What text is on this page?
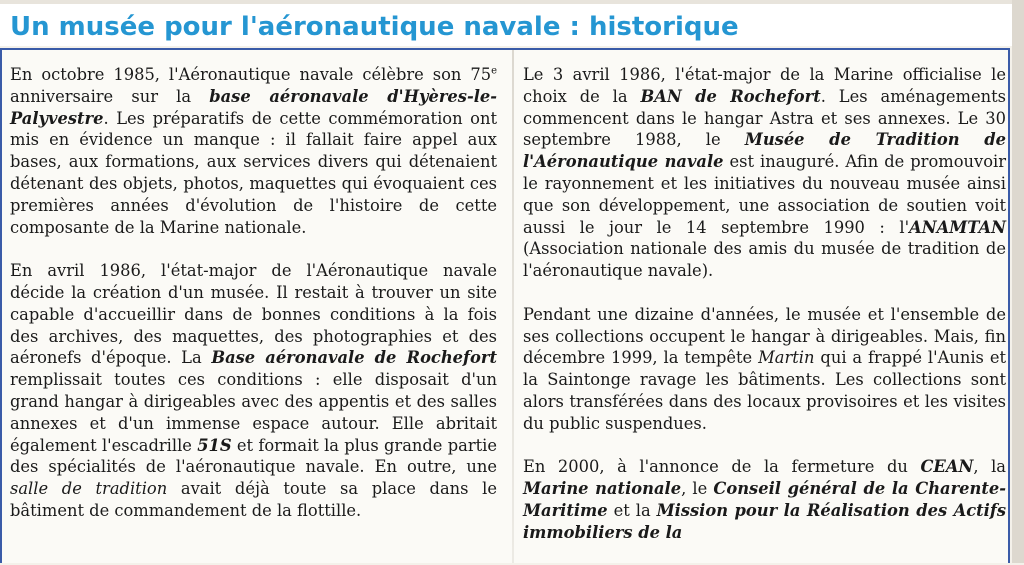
Un musée pour l'aéronautique navale : historique

En octobre 1985, l'Aéronautique navale célèbre son 75e anniversaire sur la base aéronavale d'Hyères-le-Palyvestre. Les préparatifs de cette commémoration ont mis en évidence un manque : il fallait faire appel aux bases, aux formations, aux services divers qui détenaient détenant des objets, photos, maquettes qui évoquaient ces premières années d'évolution de l'histoire de cette composante de la Marine nationale.

En avril 1986, l'état-major de l'Aéronautique navale décide la création d'un musée. Il restait à trouver un site capable d'accueillir dans de bonnes conditions à la fois des archives, des maquettes, des photographies et des aéronefs d'époque. La Base aéronavale de Rochefort remplissait toutes ces conditions : elle disposait d'un grand hangar à dirigeables avec des appentis et des salles annexes et d'un immense espace autour. Elle abritait également l'escadrille 51S et formait la plus grande partie des spécialités de l'aéronautique navale. En outre, une salle de tradition avait déjà toute sa place dans le bâtiment de commandement de la flottille.

Le 3 avril 1986, l'état-major de la Marine officialise le choix de la BAN de Rochefort. Les aménagements commencent dans le hangar Astra et ses annexes. Le 30 septembre 1988, le Musée de Tradition de l'Aéronautique navale est inauguré. Afin de promouvoir le rayonnement et les initiatives du nouveau musée ainsi que son développement, une association de soutien voit aussi le jour le 14 septembre 1990 : l'ANAMTAN (Association nationale des amis du musée de tradition de l'aéronautique navale).

Pendant une dizaine d'années, le musée et l'ensemble de ses collections occupent le hangar à dirigeables. Mais, fin décembre 1999, la tempête Martin qui a frappé l'Aunis et la Saintonge ravage les bâtiments. Les collections sont alors transférées dans des locaux provisoires et les visites du public suspendues.

En 2000, à l'annonce de la fermeture du CEAN, la Marine nationale, le Conseil général de la Charente-Maritime et la Mission pour la Réalisation des Actifs immobiliers de la
